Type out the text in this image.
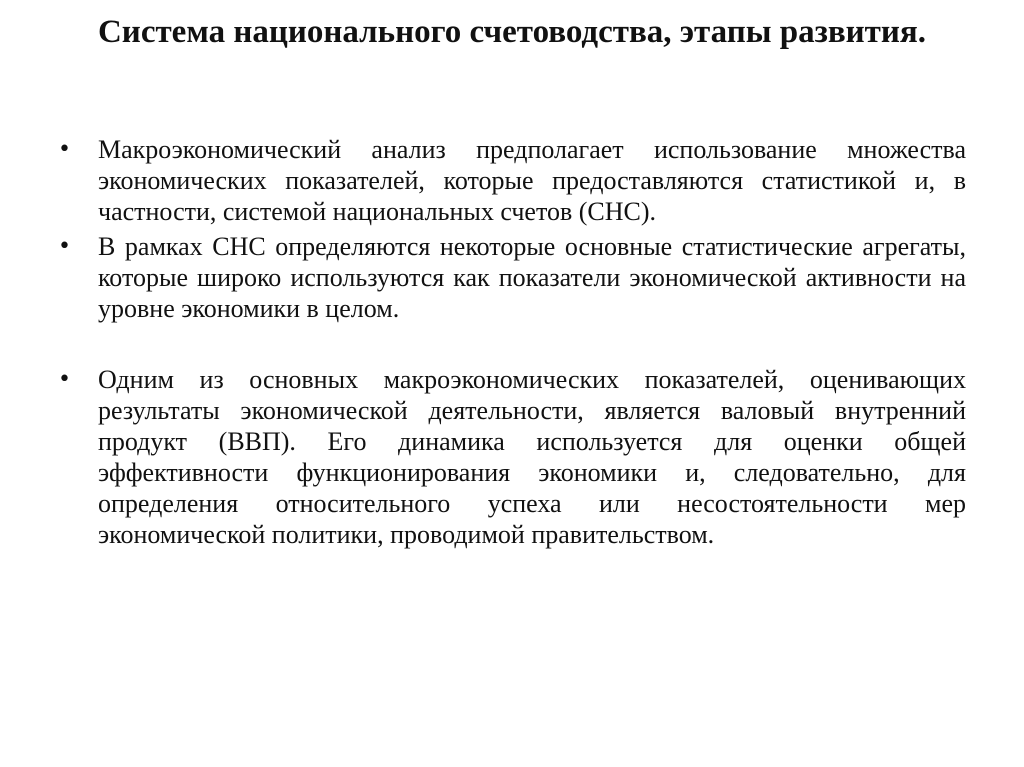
Система национального счетоводства, этапы развития.
• Макроэкономический анализ предполагает использование множества экономических показателей, которые предоставляются статистикой и, в частности, системой национальных счетов (СНС).
• В рамках СНС определяются некоторые основные статистические агрегаты, которые широко используются как показатели экономической активности на уровне экономики в целом.
• Одним из основных макроэкономических показателей, оценивающих результаты экономической деятельности, является валовый внутренний продукт (ВВП). Его динамика используется для оценки общей эффективности функционирования экономики и, следовательно, для определения относительного успеха или несостоятельности мер экономической политики, проводимой правительством.
